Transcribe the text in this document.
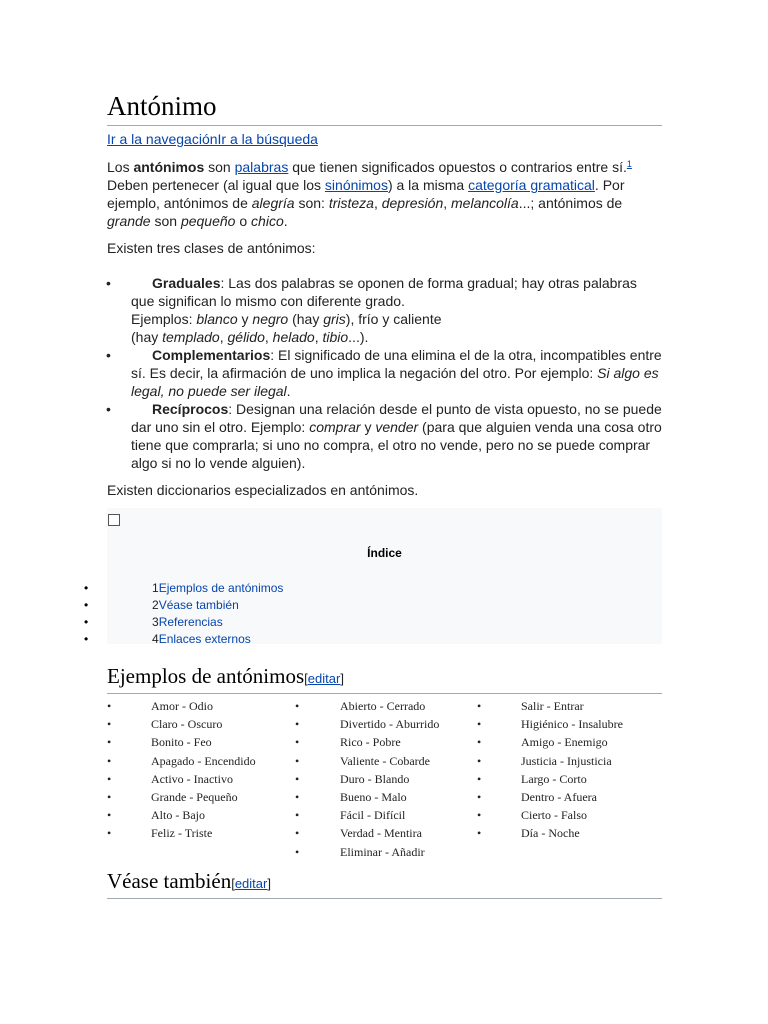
Antónimo
Ir a la navegaciónIr a la búsqueda

Los antónimos son palabras que tienen significados opuestos o contrarios entre sí.$^1$ Deben pertenecer (al igual que los sinónimos) a la misma categoría gramatical. Por ejemplo, antónimos de alegría son: tristeza, depresión, melancolía...; antónimos de grande son pequeño o chico.

Existen tres clases de antónimos:

•	Graduales: Las dos palabras se oponen de forma gradual; hay otras palabras que significan lo mismo con diferente grado.
Ejemplos: blanco y negro (hay gris), frío y caliente
(hay templado, gélido, helado, tibio...).
•	Complementarios: El significado de una elimina el de la otra, incompatibles entre sí. Es decir, la afirmación de uno implica la negación del otro. Por ejemplo: Si algo es legal, no puede ser ilegal.
•	Recíprocos: Designan una relación desde el punto de vista opuesto, no se puede dar uno sin el otro. Ejemplo: comprar y vender (para que alguien venda una cosa otro tiene que comprarla; si uno no compra, el otro no vende, pero no se puede comprar algo si no lo vende alguien).

Existen diccionarios especializados en antónimos.

Índice
•	1Ejemplos de antónimos
•	2Véase también
•	3Referencias
•	4Enlaces externos
Ejemplos de antónimos[editar]
•	Amor - Odio
•	Claro - Oscuro
•	Bonito - Feo
•	Apagado - Encendido
•	Activo - Inactivo
•	Grande - Pequeño
•	Alto - Bajo
•	Feliz - Triste
•	Abierto - Cerrado
•	Divertido - Aburrido
•	Rico - Pobre
•	Valiente - Cobarde
•	Duro - Blando
•	Bueno - Malo
•	Fácil - Difícil
•	Verdad - Mentira
•	Eliminar - Añadir
•	Salir - Entrar
•	Higiénico - Insalubre
•	Amigo - Enemigo
•	Justicia - Injusticia
•	Largo - Corto
•	Dentro - Afuera
•	Cierto - Falso
•	Día - Noche
Véase también[editar]
